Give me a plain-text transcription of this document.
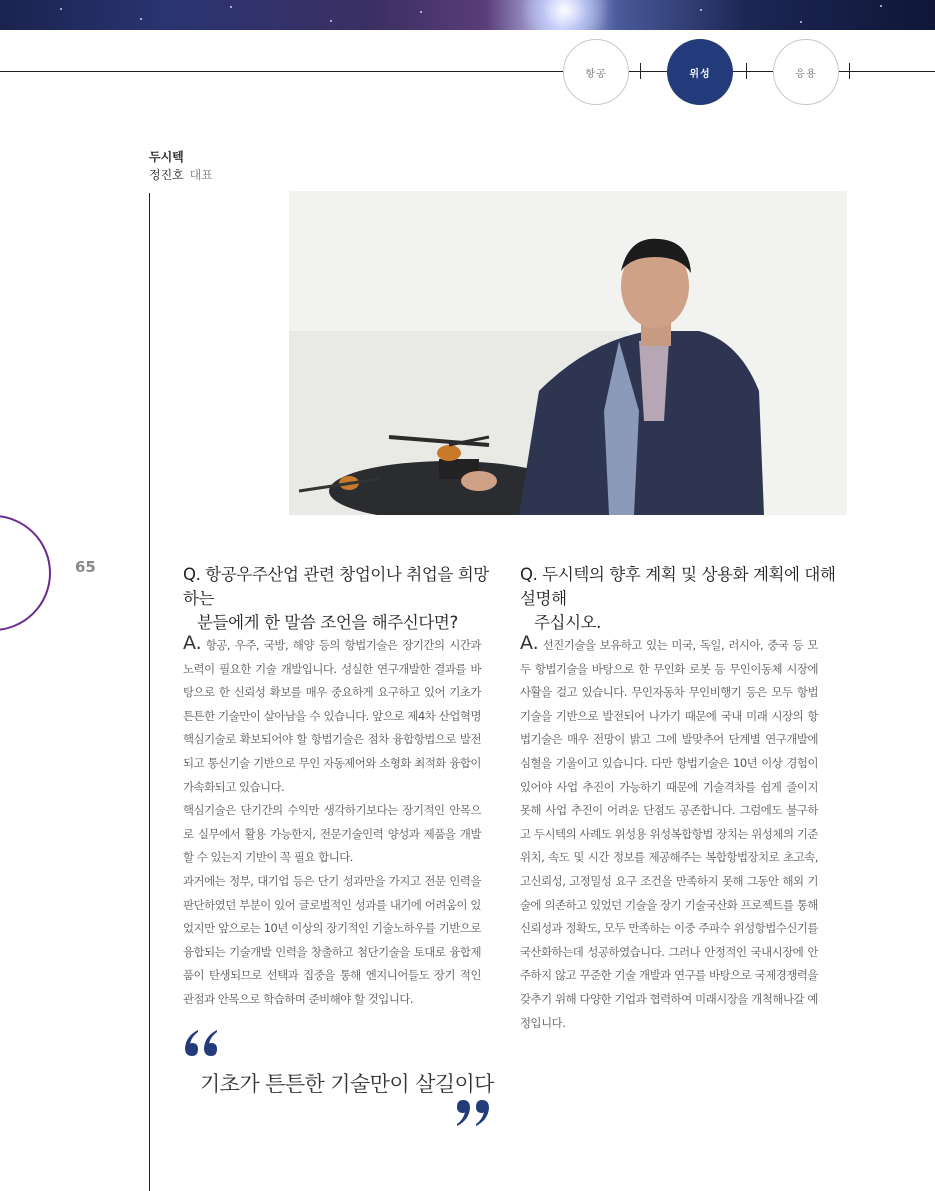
항공	위성	응용
65
두시텍
정진호 대표
Q. 항공우주산업 관련 창업이나 취업을 희망하는
분들에게 한 말씀 조언을 해주신다면?

A. 항공, 우주, 국방, 해양 등의 항법기술은 장기간의 시간과 노력이 필요한 기술 개발입니다. 성실한 연구개발한 결과를 바탕으로 한 신뢰성 확보를 매우 중요하게 요구하고 있어 기초가 튼튼한 기술만이 살아남을 수 있습니다. 앞으로 제4차 산업혁명 핵심기술로 확보되어야 할 항법기술은 점차 융합항법으로 발전 되고 통신기술 기반으로 무인 자동제어와 소형화 최적화 융합이 가속화되고 있습니다.

핵심기술은 단기간의 수익만 생각하기보다는 장기적인 안목으로 실무에서 활용 가능한지, 전문기술인력 양성과 제품을 개발 할 수 있는지 기반이 꼭 필요 합니다.

과거에는 정부, 대기업 등은 단기 성과만을 가지고 전문 인력을 판단하였던 부분이 있어 글로벌적인 성과를 내기에 어려움이 있었지만 앞으로는 10년 이상의 장기적인 기술노하우를 기반으로 융합되는 기술개발 인력을 창출하고 첨단기술을 토대로 융합제품이 탄생되므로 선택과 집중을 통해 엔지니어들도 장기 적인 관점과 안목으로 학습하며 준비해야 할 것입니다.

Q. 두시텍의 향후 계획 및 상용화 계획에 대해 설명해
주십시오.

A. 선진기술을 보유하고 있는 미국, 독일, 러시아, 중국 등 모두 항법기술을 바탕으로 한 무인화 로봇 등 무인이동체 시장에 사활을 걸고 있습니다. 무인자동차 무인비행기 등은 모두 항법기술을 기반으로 발전되어 나가기 때문에 국내 미래 시장의 항법기술은 매우 전망이 밝고 그에 발맞추어 단계별 연구개발에 심혈을 기울이고 있습니다. 다만 항법기술은 10년 이상 경험이 있어야 사업 추진이 가능하기 때문에 기술격차를 쉽게 줄이지 못해 사업 추진이 어려운 단점도 공존합니다. 그럼에도 불구하고 두시텍의 사례도 위성용 위성복합항법 장치는 위성체의 기준위치, 속도 및 시간 정보를 제공해주는 복합항법장치로 초고속, 고신뢰성, 고정밀성 요구 조건을 만족하지 못해 그동안 해외 기술에 의존하고 있었던 기술을 장기 기술국산화 프로젝트를 통해 신뢰성과 정확도, 모두 만족하는 이중 주파수 위성항법수신기를 국산화하는데 성공하였습니다. 그러나 안정적인 국내시장에 안주하지 않고 꾸준한 기술 개발과 연구를 바탕으로 국제경쟁력을 갖추기 위해 다양한 기업과 협력하여 미래시장을 개척해나갈 예정입니다.

기초가 튼튼한 기술만이 살길이다
